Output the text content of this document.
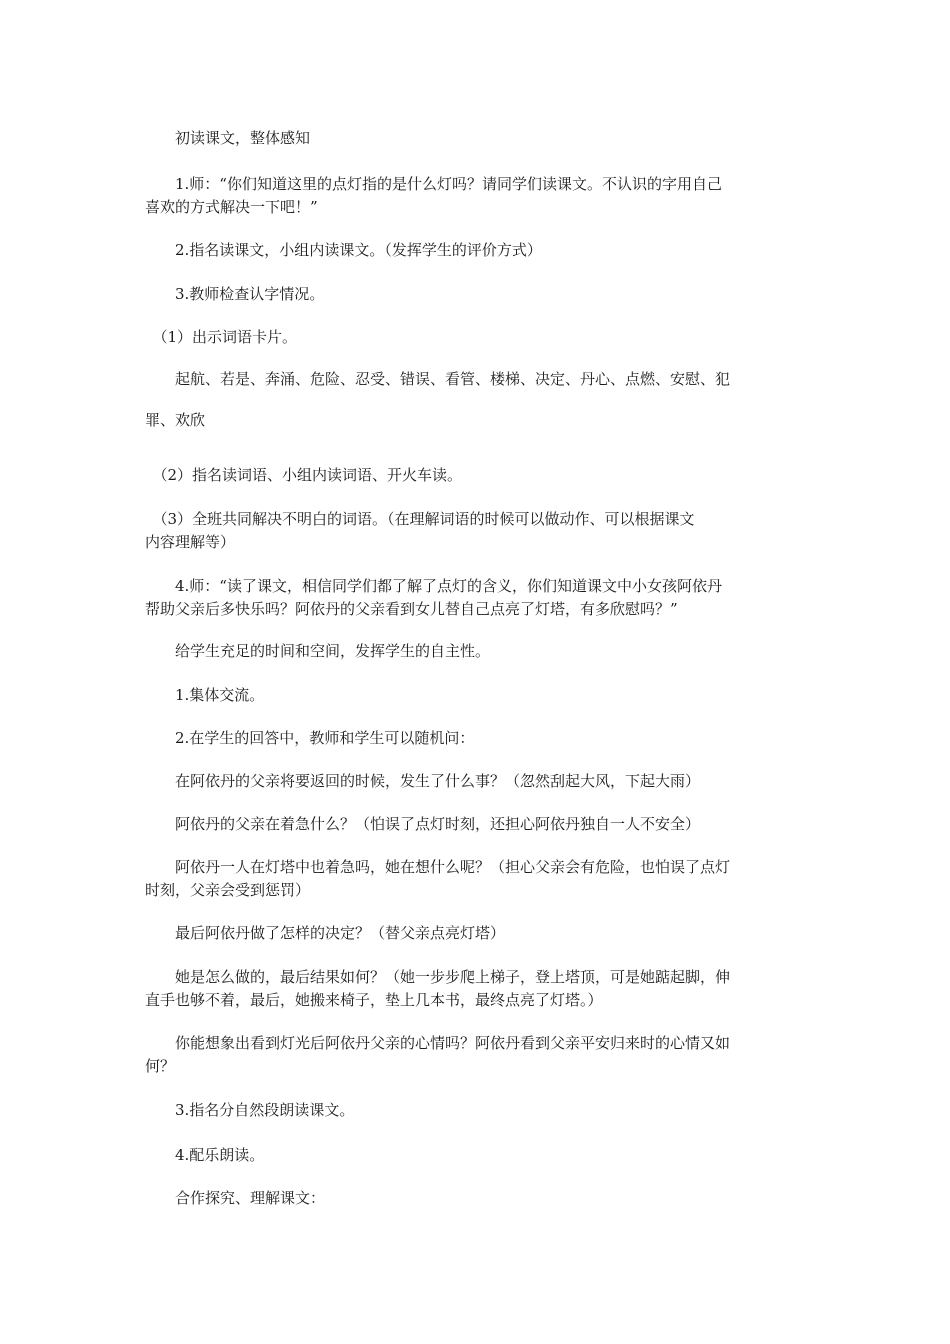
　　初读课文，整体感知
　　1.师：“你们知道这里的点灯指的是什么灯吗？请同学们读课文。不认识的字用自己
喜欢的方式解决一下吧！”
　　2.指名读课文，小组内读课文。（发挥学生的评价方式）
　　3.教师检查认字情况。
　（1）出示词语卡片。
　　起航、若是、奔涌、危险、忍受、错误、看管、楼梯、决定、丹心、点燃、安慰、犯
罪、欢欣
　（2）指名读词语、小组内读词语、开火车读。
　（3）全班共同解决不明白的词语。（在理解词语的时候可以做动作、可以根据课文
内容理解等）
　　4.师：“读了课文，相信同学们都了解了点灯的含义，你们知道课文中小女孩阿依丹
帮助父亲后多快乐吗？阿依丹的父亲看到女儿替自己点亮了灯塔，有多欣慰吗？”
　　给学生充足的时间和空间，发挥学生的自主性。
　　1.集体交流。
　　2.在学生的回答中，教师和学生可以随机问：
　　在阿依丹的父亲将要返回的时候，发生了什么事？（忽然刮起大风，下起大雨）
　　阿依丹的父亲在着急什么？（怕误了点灯时刻，还担心阿依丹独自一人不安全）
　　阿依丹一人在灯塔中也着急吗，她在想什么呢？（担心父亲会有危险，也怕误了点灯
时刻，父亲会受到惩罚）
　　最后阿依丹做了怎样的决定？（替父亲点亮灯塔）
　　她是怎么做的，最后结果如何？（她一步步爬上梯子，登上塔顶，可是她踮起脚，伸
直手也够不着，最后，她搬来椅子，垫上几本书，最终点亮了灯塔。）
　　你能想象出看到灯光后阿依丹父亲的心情吗？阿依丹看到父亲平安归来时的心情又如
何？
　　3.指名分自然段朗读课文。
　　4.配乐朗读。
　　合作探究、理解课文：
